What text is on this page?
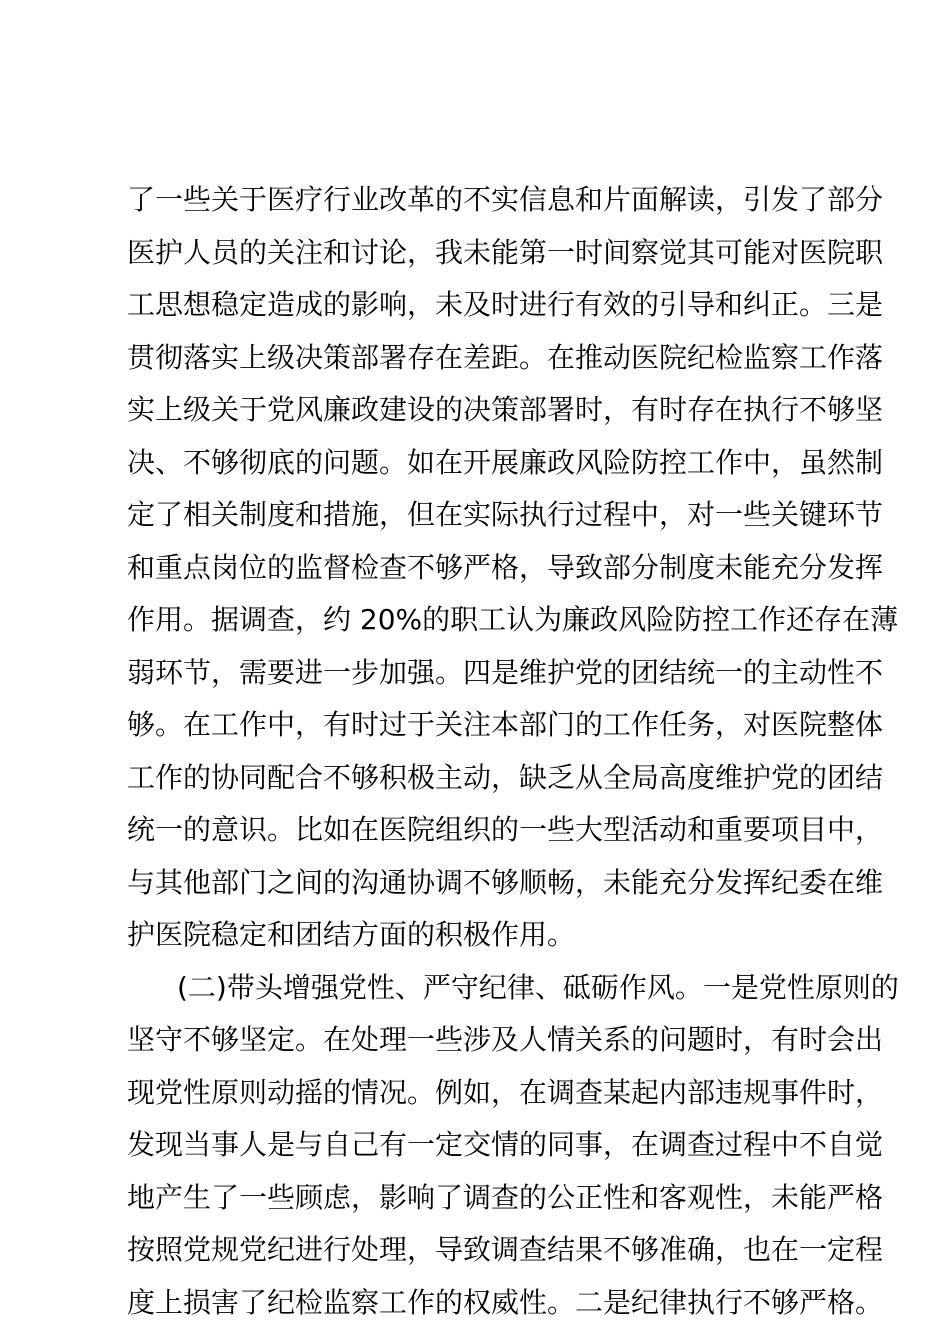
了一些关于医疗行业改革的不实信息和片面解读，引发了部分
医护人员的关注和讨论，我未能第一时间察觉其可能对医院职
工思想稳定造成的影响，未及时进行有效的引导和纠正。三是
贯彻落实上级决策部署存在差距。在推动医院纪检监察工作落
实上级关于党风廉政建设的决策部署时，有时存在执行不够坚
决、不够彻底的问题。如在开展廉政风险防控工作中，虽然制
定了相关制度和措施，但在实际执行过程中，对一些关键环节
和重点岗位的监督检查不够严格，导致部分制度未能充分发挥
作用。据调查，约 20%的职工认为廉政风险防控工作还存在薄
弱环节，需要进一步加强。四是维护党的团结统一的主动性不
够。在工作中，有时过于关注本部门的工作任务，对医院整体
工作的协同配合不够积极主动，缺乏从全局高度维护党的团结
统一的意识。比如在医院组织的一些大型活动和重要项目中，
与其他部门之间的沟通协调不够顺畅，未能充分发挥纪委在维
护医院稳定和团结方面的积极作用。
(二)带头增强党性、严守纪律、砥砺作风。一是党性原则的
坚守不够坚定。在处理一些涉及人情关系的问题时，有时会出
现党性原则动摇的情况。例如，在调查某起内部违规事件时，
发现当事人是与自己有一定交情的同事，在调查过程中不自觉
地产生了一些顾虑，影响了调查的公正性和客观性，未能严格
按照党规党纪进行处理，导致调查结果不够准确，也在一定程
度上损害了纪检监察工作的权威性。二是纪律执行不够严格。
